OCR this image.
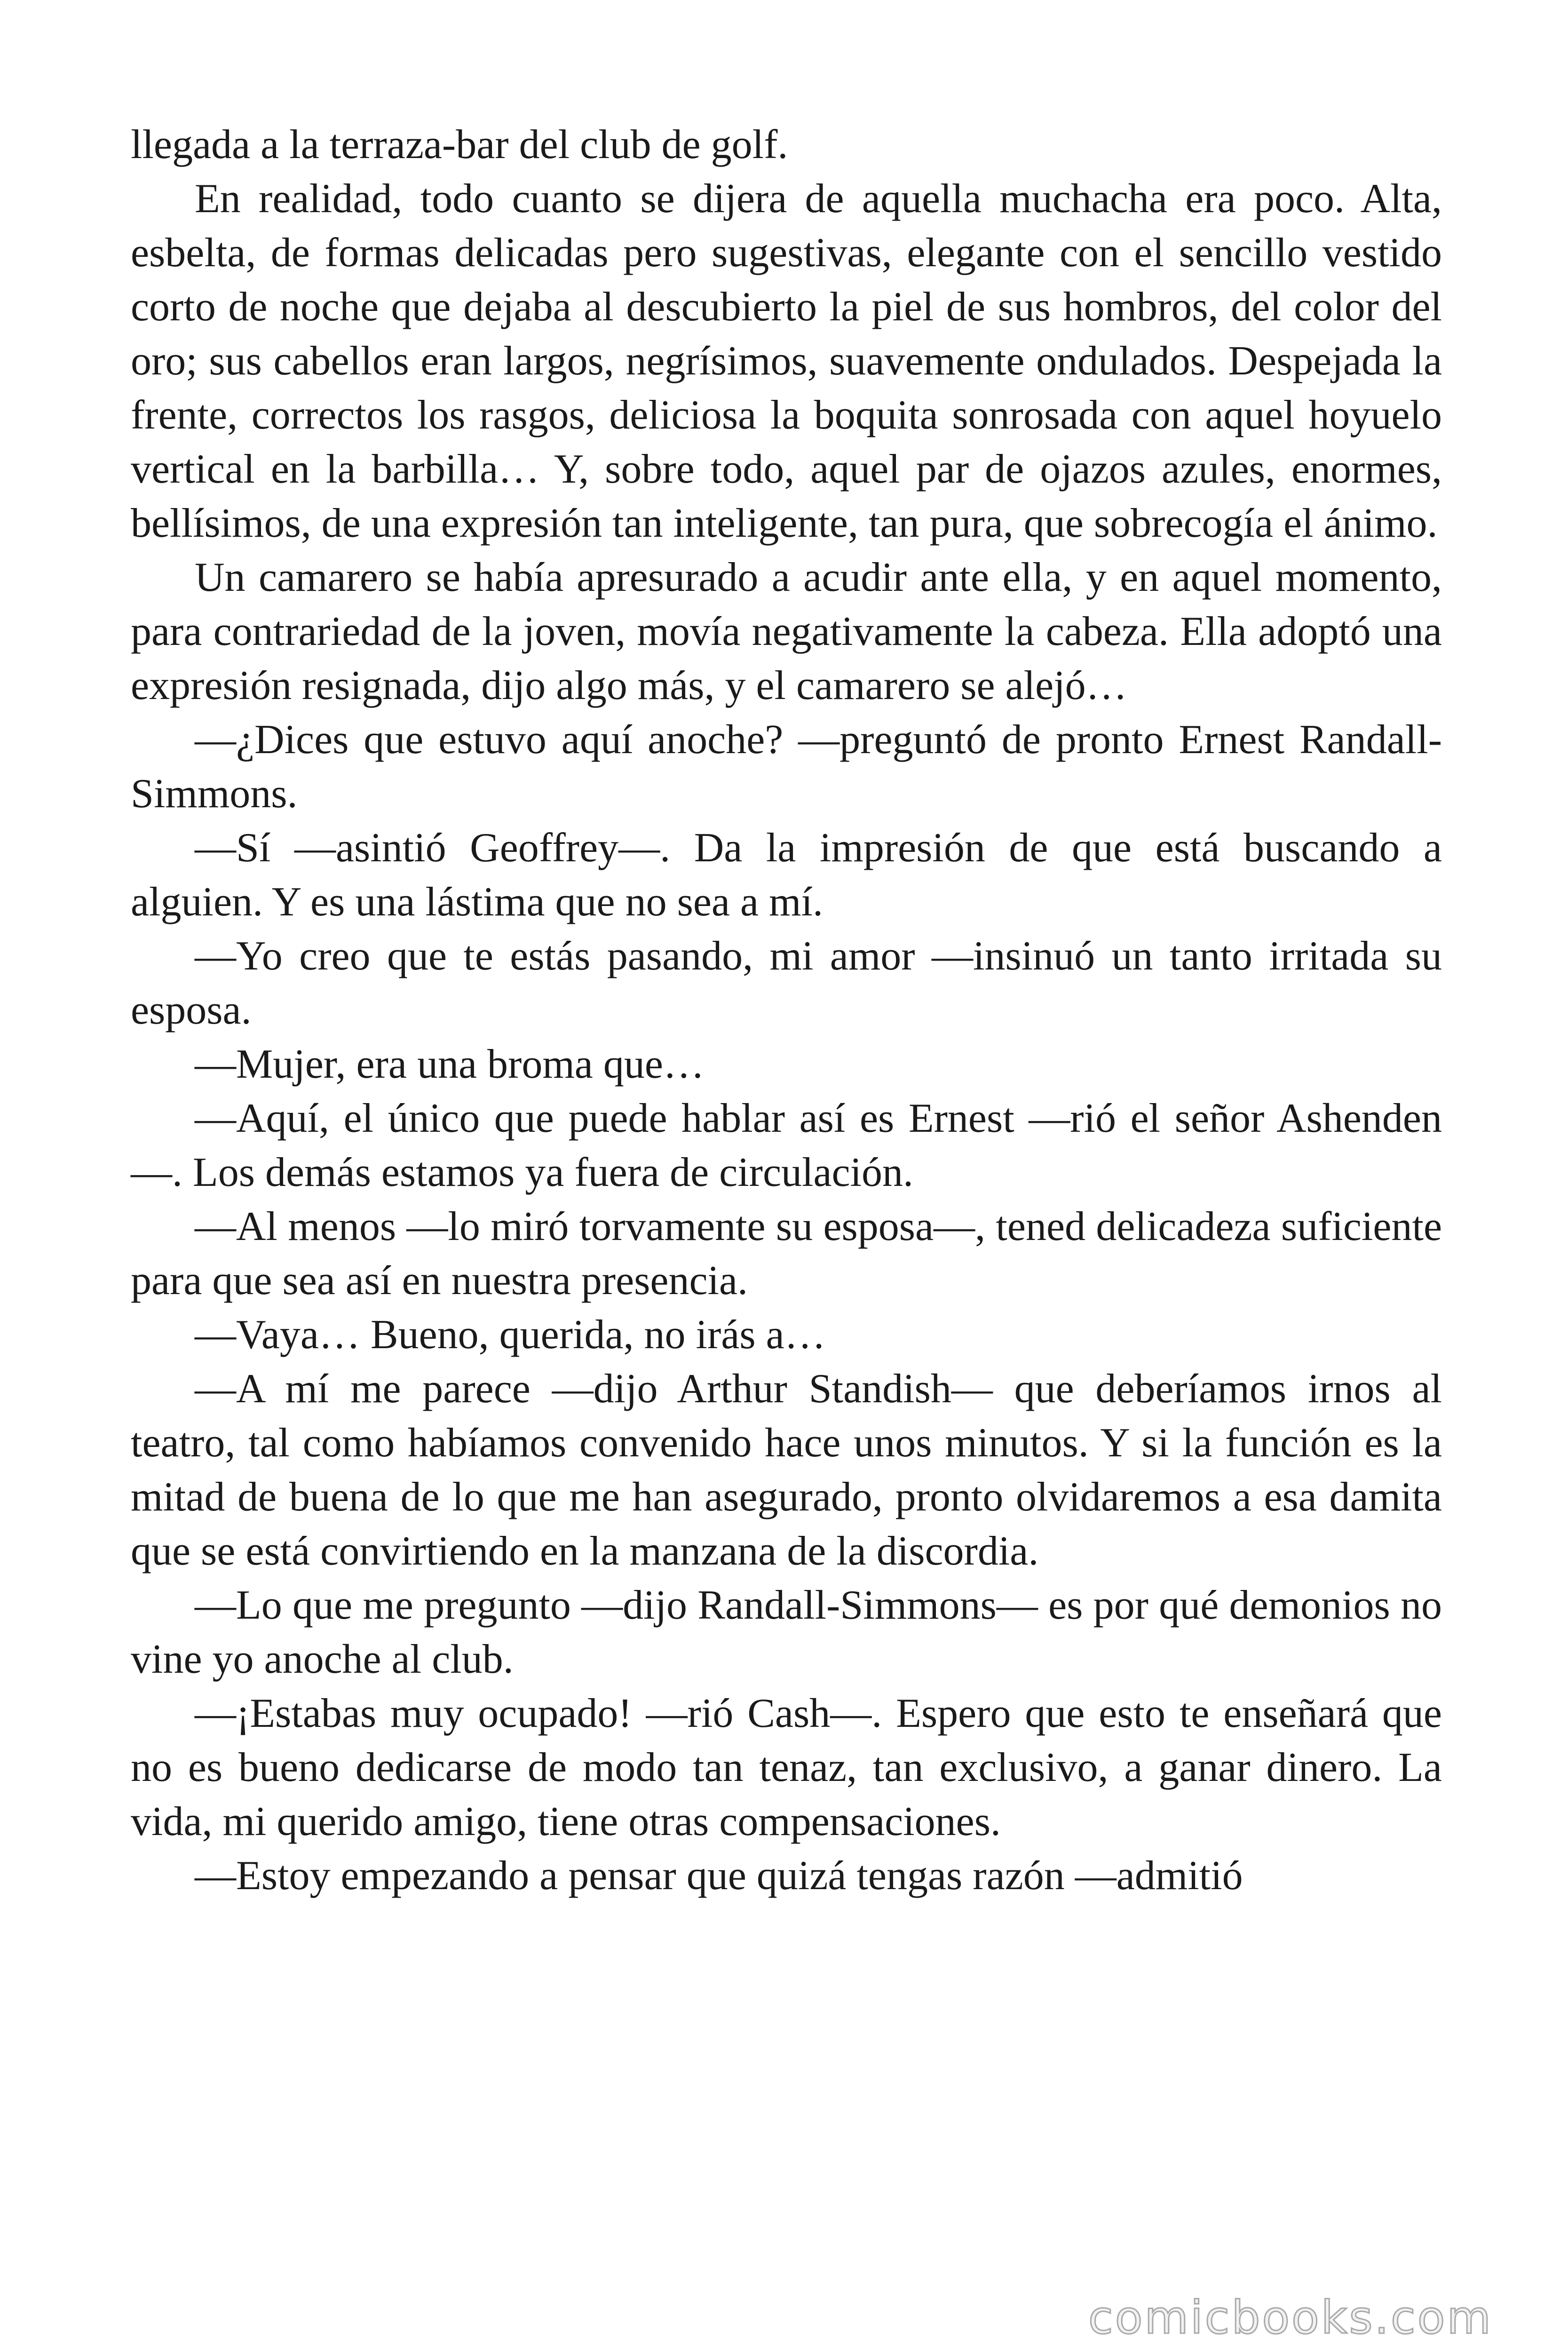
llegada a la terraza-bar del club de golf.

En realidad, todo cuanto se dijera de aquella muchacha era poco. Alta, esbelta, de formas delicadas pero sugestivas, elegante con el sencillo vestido corto de noche que dejaba al descubierto la piel de sus hombros, del color del oro; sus cabellos eran largos, negrísimos, suavemente ondulados. Despejada la frente, correctos los rasgos, deliciosa la boquita sonrosada con aquel hoyuelo vertical en la barbilla… Y, sobre todo, aquel par de ojazos azules, enormes, bellísimos, de una expresión tan inteligente, tan pura, que sobrecogía el ánimo.

Un camarero se había apresurado a acudir ante ella, y en aquel momento, para contrariedad de la joven, movía negativamente la cabeza. Ella adoptó una expresión resignada, dijo algo más, y el camarero se alejó…

—¿Dices que estuvo aquí anoche? —preguntó de pronto Ernest Randall-Simmons.

—Sí —asintió Geoffrey—. Da la impresión de que está buscando a alguien. Y es una lástima que no sea a mí.

—Yo creo que te estás pasando, mi amor —insinuó un tanto irritada su esposa.

—Mujer, era una broma que…

—Aquí, el único que puede hablar así es Ernest —rió el señor Ashenden—. Los demás estamos ya fuera de circulación.

—Al menos —lo miró torvamente su esposa—, tened delicadeza suficiente para que sea así en nuestra presencia.

—Vaya… Bueno, querida, no irás a…

—A mí me parece —dijo Arthur Standish— que deberíamos irnos al teatro, tal como habíamos convenido hace unos minutos. Y si la función es la mitad de buena de lo que me han asegurado, pronto olvidaremos a esa damita que se está convirtiendo en la manzana de la discordia.

—Lo que me pregunto —dijo Randall-Simmons— es por qué demonios no vine yo anoche al club.

—¡Estabas muy ocupado! —rió Cash—. Espero que esto te enseñará que no es bueno dedicarse de modo tan tenaz, tan exclusivo, a ganar dinero. La vida, mi querido amigo, tiene otras compensaciones.

—Estoy empezando a pensar que quizá tengas razón —admitió

comicbooks.com
